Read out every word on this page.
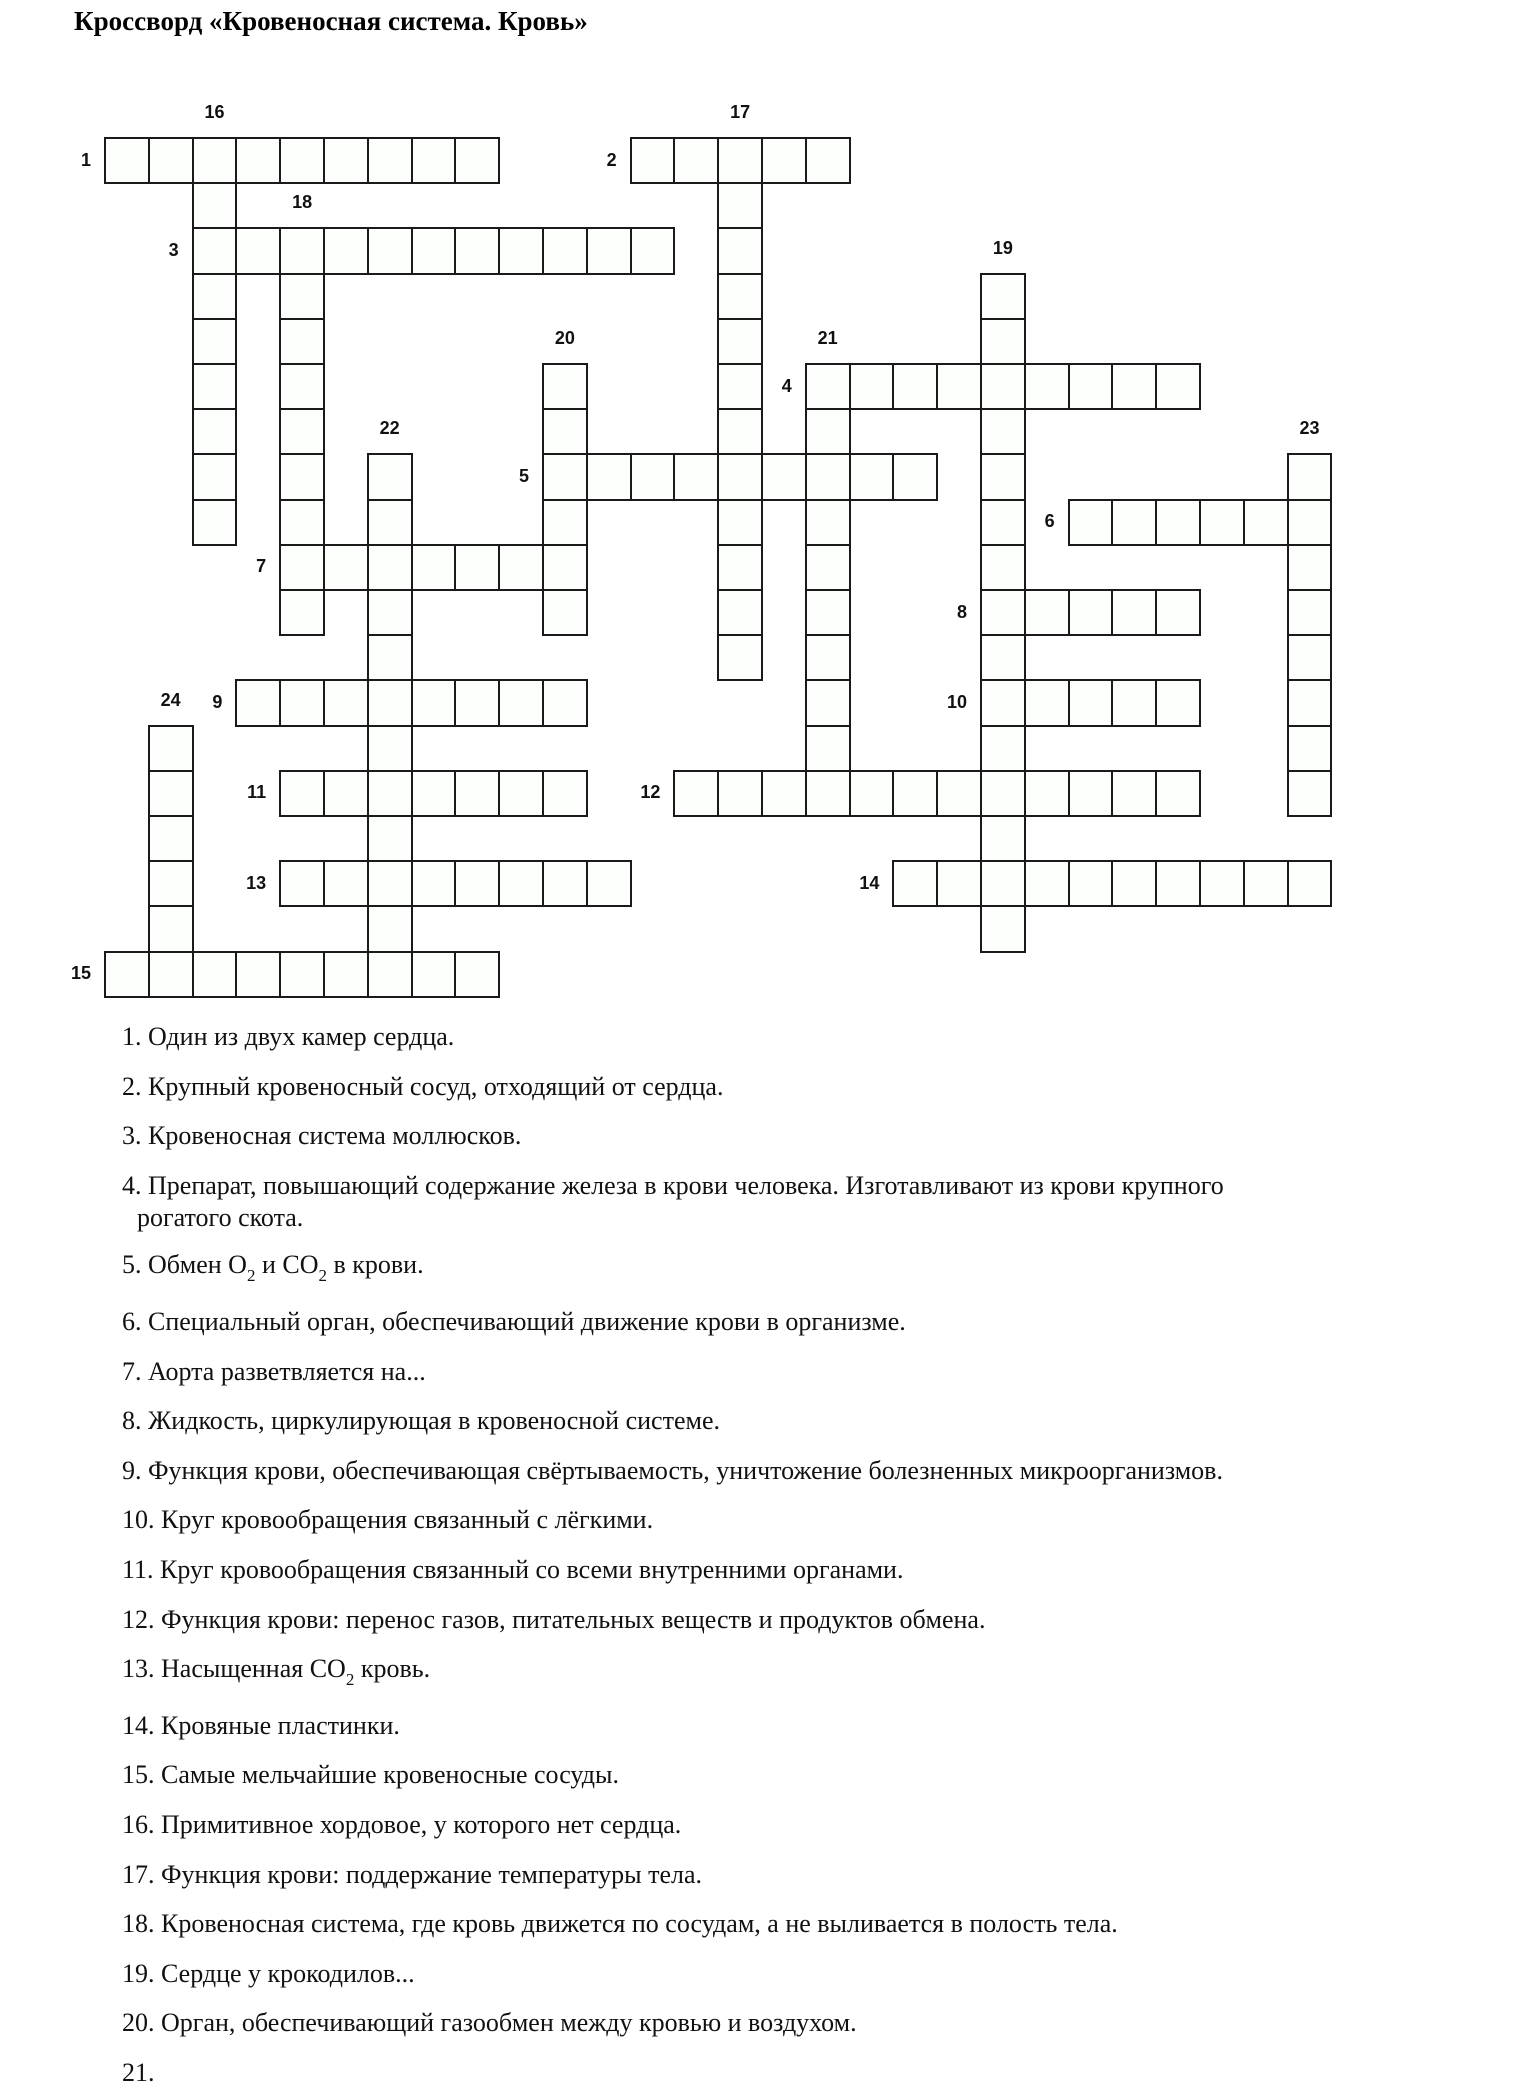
Кроссворд «Кровеносная система. Кровь»
1	2
3
4
5
6
7
8
9	10
11	12
13	14
15
16	17
18
19
20	21
22	23
24
1. Один из двух камер сердца.
2. Крупный кровеносный сосуд, отходящий от сердца.
3. Кровеносная система моллюсков.
4. Препарат, повышающий содержание железа в крови человека. Изготавливают из крови крупного
рогатого скота.
5. Обмен $O_2$ и $CO_2$ в крови.
6. Специальный орган, обеспечивающий движение крови в организме.
7. Аорта разветвляется на...
8. Жидкость, циркулирующая в кровеносной системе.
9. Функция крови, обеспечивающая свёртываемость, уничтожение болезненных микроорганизмов.
10. Круг кровообращения связанный с лёгкими.
11. Круг кровообращения связанный со всеми внутренними органами.
12. Функция крови: перенос газов, питательных веществ и продуктов обмена.
13. Насыщенная $CO_2$ кровь.
14. Кровяные пластинки.
15. Самые мельчайшие кровеносные сосуды.
16. Примитивное хордовое, у которого нет сердца.
17. Функция крови: поддержание температуры тела.
18. Кровеносная система, где кровь движется по сосудам, а не выливается в полость тела.
19. Сердце у крокодилов...
20. Орган, обеспечивающий газообмен между кровью и воздухом.
21.
